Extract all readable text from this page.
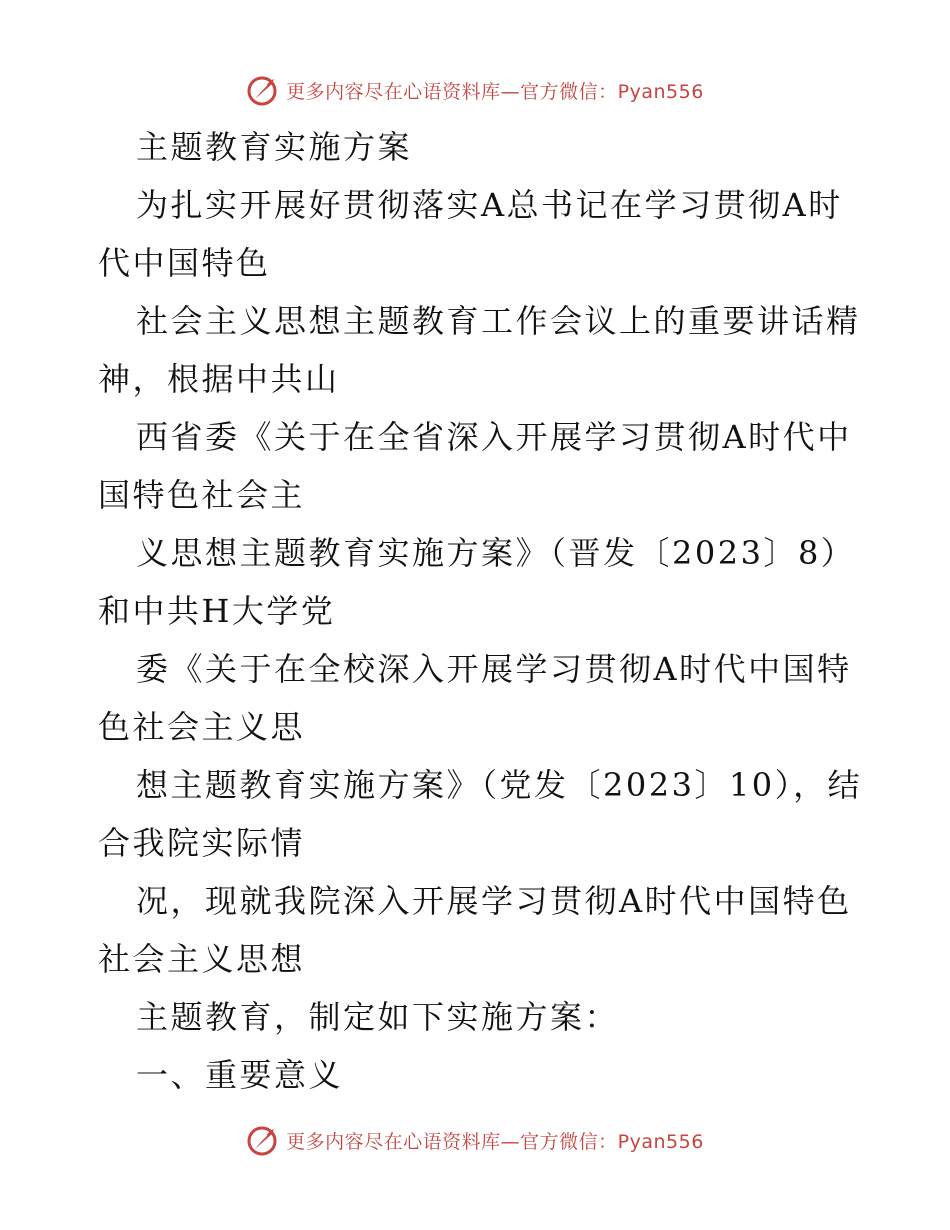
更多内容尽在心语资料库—官方微信：Pyan556
主题教育实施方案
为扎实开展好贯彻落实A总书记在学习贯彻A时
代中国特色
社会主义思想主题教育工作会议上的重要讲话精
神，根据中共山
西省委《关于在全省深入开展学习贯彻A时代中
国特色社会主
义思想主题教育实施方案》（晋发〔2023〕8）
和中共H大学党
委《关于在全校深入开展学习贯彻A时代中国特
色社会主义思
想主题教育实施方案》（党发〔2023〕10），结
合我院实际情
况，现就我院深入开展学习贯彻A时代中国特色
社会主义思想
主题教育，制定如下实施方案：
一、重要意义
更多内容尽在心语资料库—官方微信：Pyan556
